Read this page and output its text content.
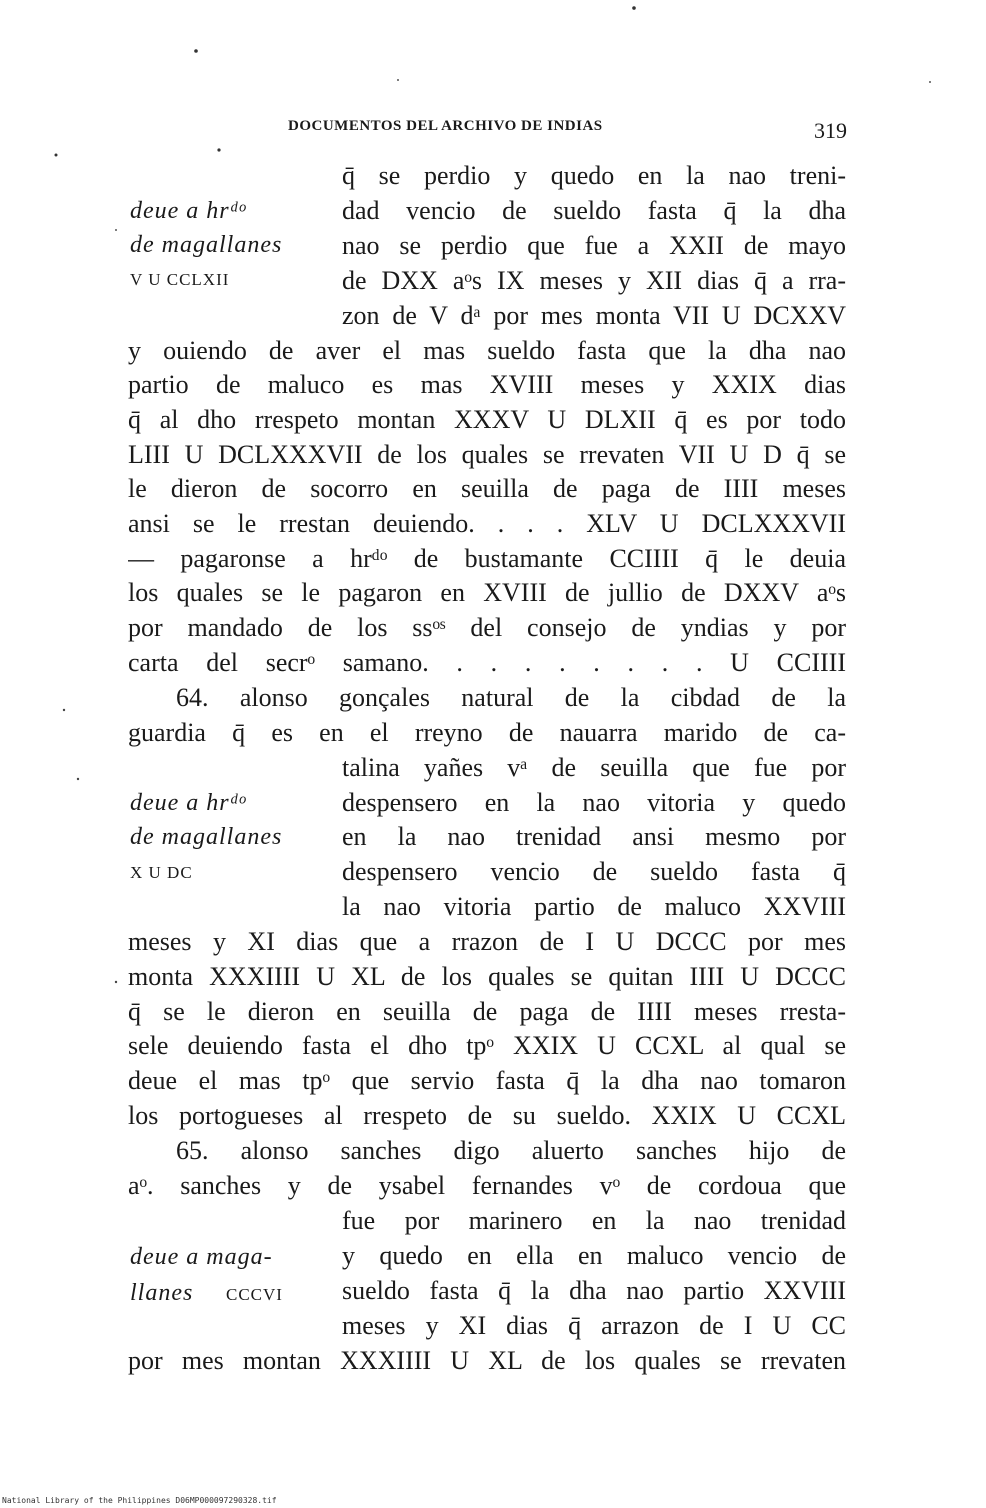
DOCUMENTOS DEL ARCHIVO DE INDIAS	319
deue a hrᵈᵒ
de magallanes
V U CCLXII
deue a hrᵈᵒ
de magallanes
X U DC
deue a maga-
llanes	CCCVI
q̄ se perdio y quedo en la nao treni-
dad vencio de sueldo fasta q̄ la dha
nao se perdio que fue a XXII de mayo
de DXX aᵒs IX meses y XII dias q̄ a rra-
zon de V dᵃ por mes monta VII U DCXXV
y ouiendo de aver el mas sueldo fasta que la dha nao
partio de maluco es mas XVIII meses y XXIX dias
q̄ al dho rrespeto montan XXXV U DLXII q̄ es por todo
LIII U DCLXXXVII de los quales se rrevaten VII U D q̄ se
le dieron de socorro en seuilla de paga de IIII meses
ansi se le rrestan deuiendo. . . . XLV U DCLXXXVII
— pagaronse a hrᵈᵒ de bustamante CCIIII q̄ le deuia
los quales se le pagaron en XVIII de jullio de DXXV aᵒs
por mandado de los ssᵒˢ del consejo de yndias y por
carta del secrᵒ samano. . . . . . . . . U CCIIII
64. alonso gonçales natural de la cibdad de la
guardia q̄ es en el rreyno de nauarra marido de ca-
talina yañes vᵃ de seuilla que fue por
despensero en la nao vitoria y quedo
en la nao trenidad ansi mesmo por
despensero vencio de sueldo fasta q̄
la nao vitoria partio de maluco XXVIII
meses y XI dias que a rrazon de I U DCCC por mes
monta XXXIIII U XL de los quales se quitan IIII U DCCC
q̄ se le dieron en seuilla de paga de IIII meses rresta-
sele deuiendo fasta el dho tpᵒ XXIX U CCXL al qual se
deue el mas tpᵒ que servio fasta q̄ la dha nao tomaron
los portogueses al rrespeto de su sueldo. XXIX U CCXL
65. alonso sanches digo aluerto sanches hijo de
aᵒ. sanches y de ysabel fernandes vᵒ de cordoua que
fue por marinero en la nao trenidad
y quedo en ella en maluco vencio de
sueldo fasta q̄ la dha nao partio XXVIII
meses y XI dias q̄ arrazon de I U CC
por mes montan XXXIIII U XL de los quales se rrevaten
National Library of the Philippines D06MP000097290328.tif
